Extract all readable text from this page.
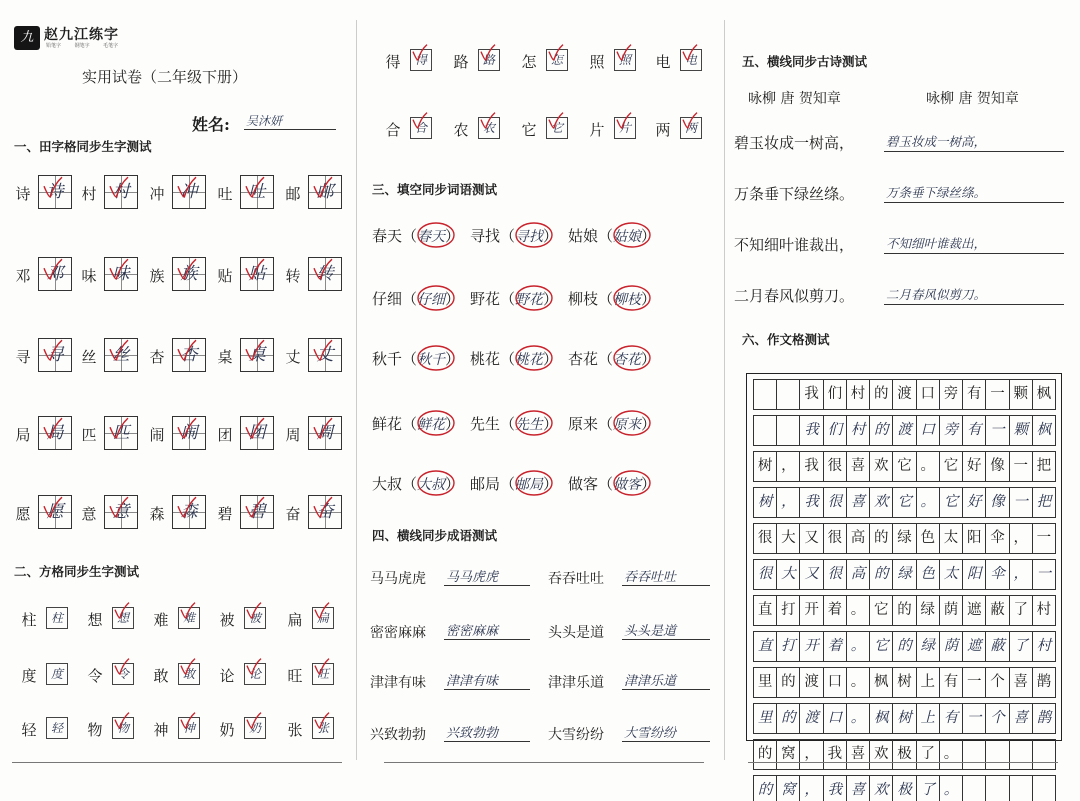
九 赵九江练字
铅笔字 钢笔字 毛笔字
实用试卷（二年级下册）
姓名: 吴沐妍
一、田字格同步生字测试
二、方格同步生字测试
三、填空同步词语测试
四、横线同步成语测试
五、横线同步古诗测试
六、作文格测试
诗 诗	村 村	冲 冲	吐 吐	邮 邮
邓 邓	味 味	族 族	贴 贴	转 转
寻 寻	丝 丝	杏 杏	桌 桌	丈 丈
局 局	匹 匹	闹 闹	团 团	周 周
愿 愿	意 意	森 森	碧 碧	奋 奋
柱	柱 想	想 难	难 被	被 扁	扁
度	度 令	令 敢	敢 论	论 旺	旺
轻	轻 物	物 神	神 奶	奶 张	张
得	得 路	路 怎	怎 照	照 电	电
合	合 农	农 它	它 片	片 两	两
春天（春天） 寻找（寻找） 姑娘（姑娘）
仔细（仔细） 野花（野花） 柳枝（柳枝）
秋千（秋千） 桃花（桃花） 杏花（杏花）
鲜花（鲜花） 先生（先生） 原来（原来）
大叔（大叔） 邮局（邮局） 做客（做客）
马马虎虎 马马虎虎	吞吞吐吐 吞吞吐吐
密密麻麻 密密麻麻	头头是道 头头是道
津津有味 津津有味	津津乐道 津津乐道
兴致勃勃 兴致勃勃	大雪纷纷 大雪纷纷
咏柳 唐 贺知章	咏柳 唐 贺知章
碧玉妆成一树高，	碧玉妆成一树高，
万条垂下绿丝绦。	万条垂下绿丝绦。
不知细叶谁裁出，	不知细叶谁裁出，
二月春风似剪刀。	二月春风似剪刀。
我 们 村 的 渡 口 旁 有 一 颗 枫
我 们 村 的 渡 口 旁 有 一 颗 枫
树 ， 我 很 喜 欢 它 。 它 好 像 一 把
树 ， 我 很 喜 欢 它 。 它 好 像 一 把
很 大 又 很 高 的 绿 色 太 阳 伞 ， 一
很 大 又 很 高 的 绿 色 太 阳 伞 ， 一
直 打 开 着 。 它 的 绿 荫 遮 蔽 了 村
直 打 开 着 。 它 的 绿 荫 遮 蔽 了 村
里 的 渡 口 。 枫 树 上 有 一 个 喜 鹊
里 的 渡 口 。 枫 树 上 有 一 个 喜 鹊
的 窝 ， 我 喜 欢 极 了 。
的 窝 ， 我 喜 欢 极 了 。
